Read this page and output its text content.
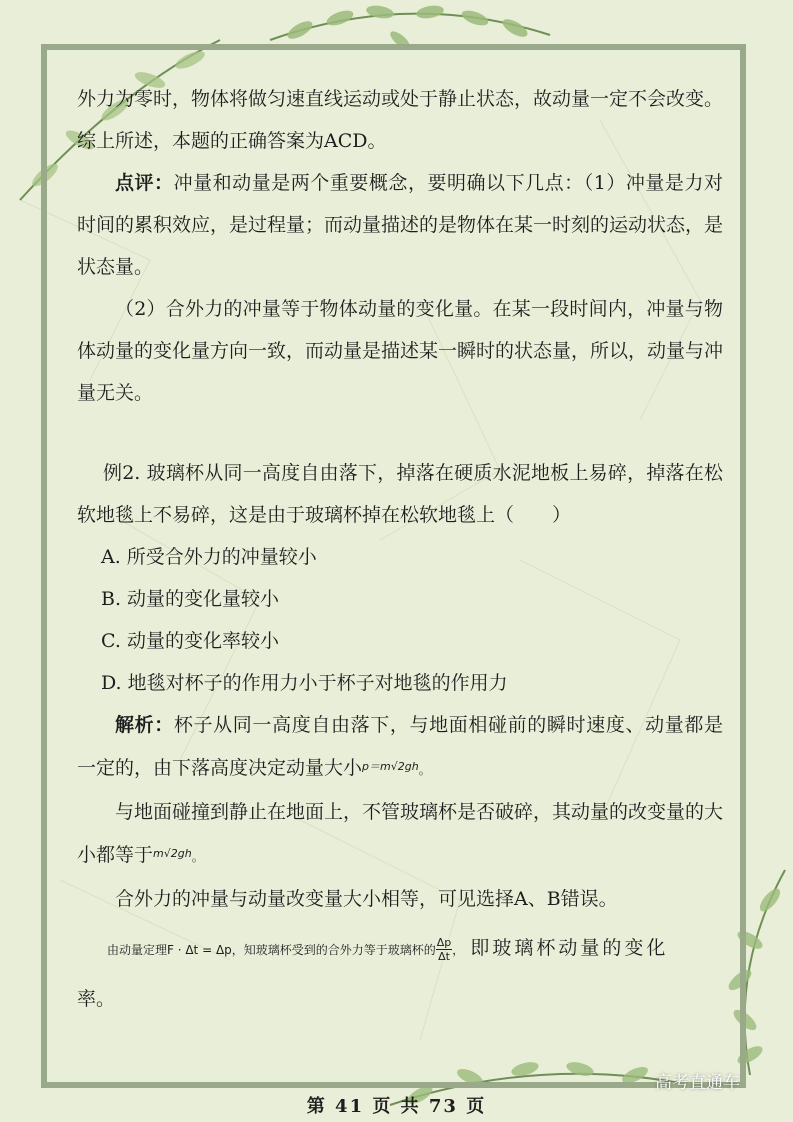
外力为零时，物体将做匀速直线运动或处于静止状态，故动量一定不会改变。综上所述，本题的正确答案为ACD。

点评：冲量和动量是两个重要概念，要明确以下几点：（1）冲量是力对时间的累积效应，是过程量；而动量描述的是物体在某一时刻的运动状态，是状态量。

（2）合外力的冲量等于物体动量的变化量。在某一段时间内，冲量与物体动量的变化量方向一致，而动量是描述某一瞬时的状态量，所以，动量与冲量无关。

例2. 玻璃杯从同一高度自由落下，掉落在硬质水泥地板上易碎，掉落在松软地毯上不易碎，这是由于玻璃杯掉在松软地毯上（　　）

A. 所受合外力的冲量较小

B. 动量的变化量较小

C. 动量的变化率较小

D. 地毯对杯子的作用力小于杯子对地毯的作用力

解析：杯子从同一高度自由落下，与地面相碰前的瞬时速度、动量都是一定的，由下落高度决定动量大小$^{p=m√2gh}$。

与地面碰撞到静止在地面上，不管玻璃杯是否破碎，其动量的改变量的大小都等于$^{m√2gh}$。

合外力的冲量与动量改变量大小相等，可见选择A、B错误。

由动量定理F · Δt = Δp，知玻璃杯受到的合外力等于玻璃杯的 $\frac{\Delta p}{\Delta t}$ ， 即玻璃杯动量的变化

率。

第 41 页 共 73 页
高考直通车
